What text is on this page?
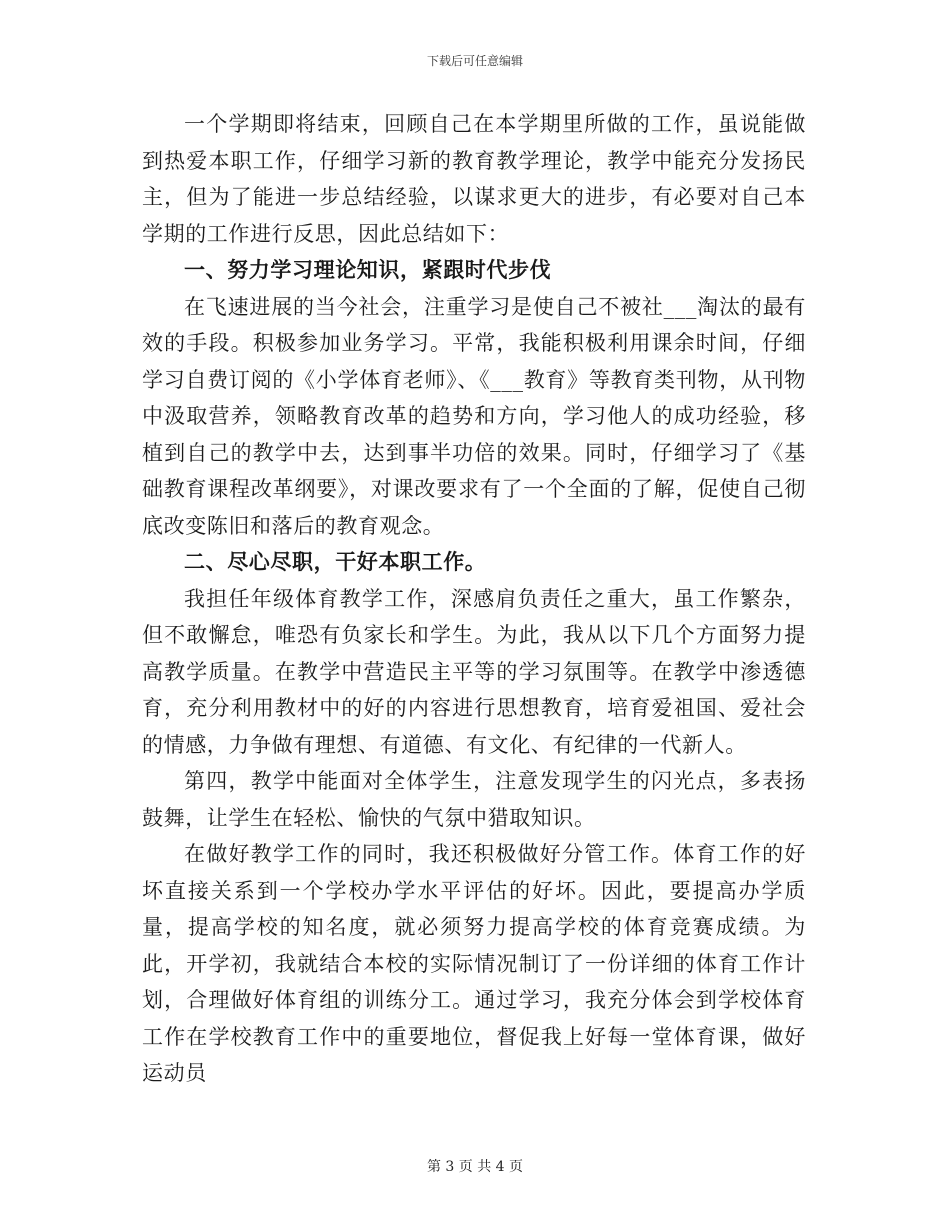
下载后可任意编辑

一个学期即将结束，回顾自己在本学期里所做的工作，虽说能做到热爱本职工作，仔细学习新的教育教学理论，教学中能充分发扬民主，但为了能进一步总结经验，以谋求更大的进步，有必要对自己本学期的工作进行反思，因此总结如下：

一、努力学习理论知识，紧跟时代步伐

在飞速进展的当今社会，注重学习是使自己不被社___淘汰的最有效的手段。积极参加业务学习。平常，我能积极利用课余时间，仔细学习自费订阅的《小学体育老师》、《___教育》等教育类刊物，从刊物中汲取营养，领略教育改革的趋势和方向，学习他人的成功经验，移植到自己的教学中去，达到事半功倍的效果。同时，仔细学习了《基础教育课程改革纲要》，对课改要求有了一个全面的了解，促使自己彻底改变陈旧和落后的教育观念。

二、尽心尽职，干好本职工作。

我担任年级体育教学工作，深感肩负责任之重大，虽工作繁杂，但不敢懈怠，唯恐有负家长和学生。为此，我从以下几个方面努力提高教学质量。在教学中营造民主平等的学习氛围等。在教学中渗透德育，充分利用教材中的好的内容进行思想教育，培育爱祖国、爱社会的情感，力争做有理想、有道德、有文化、有纪律的一代新人。

第四，教学中能面对全体学生，注意发现学生的闪光点，多表扬鼓舞，让学生在轻松、愉快的气氛中猎取知识。

在做好教学工作的同时，我还积极做好分管工作。体育工作的好坏直接关系到一个学校办学水平评估的好坏。因此，要提高办学质量，提高学校的知名度，就必须努力提高学校的体育竞赛成绩。为此，开学初，我就结合本校的实际情况制订了一份详细的体育工作计划，合理做好体育组的训练分工。通过学习，我充分体会到学校体育工作在学校教育工作中的重要地位，督促我上好每一堂体育课，做好运动员

第 3 页 共 4 页
